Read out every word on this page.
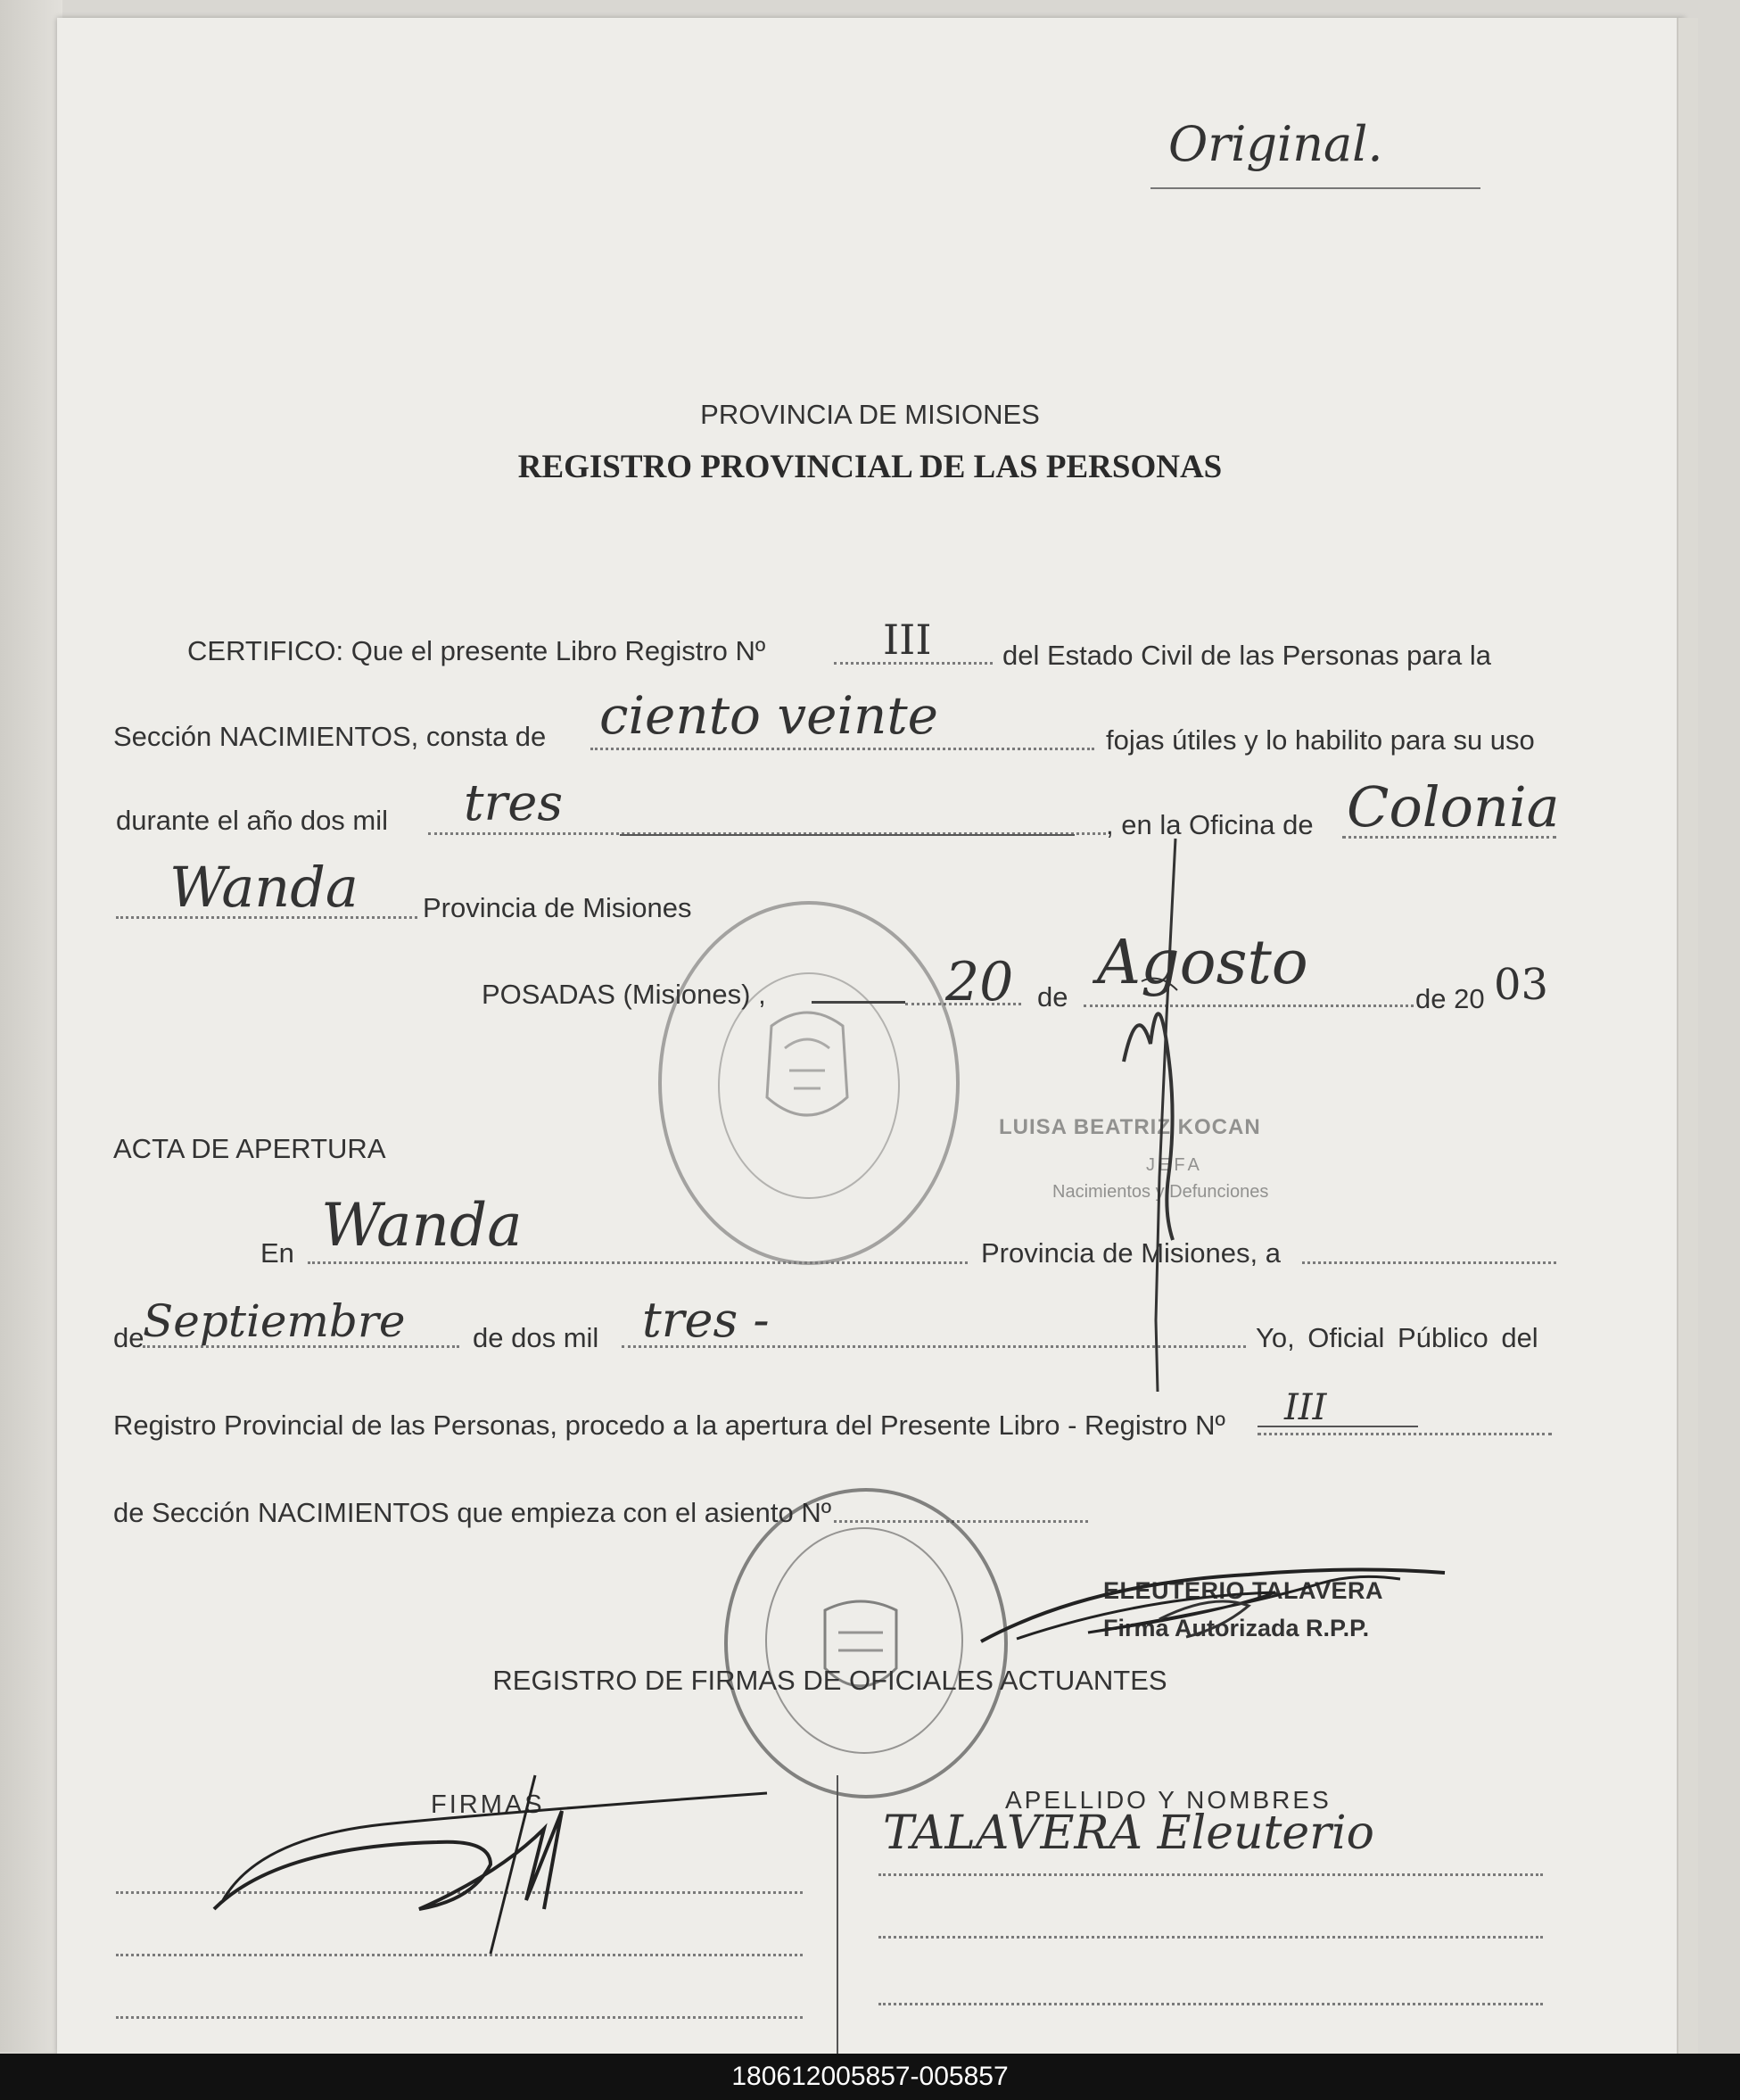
Original.
PROVINCIA DE MISIONES
REGISTRO PROVINCIAL DE LAS PERSONAS
CERTIFICO: Que el presente Libro Registro Nº	III	del Estado Civil de las Personas para la
Sección NACIMIENTOS, consta de ciento veinte	fojas útiles y lo habilito para su uso
durante el año dos mil tres	, en la Oficina de Colonia
Wanda Provincia de Misiones
POSADAS (Misiones) ,	20 de Agosto
de 20 03
LUISA BEATRIZ KOCAN
JEFA
Nacimientos y Defunciones
ACTA DE APERTURA
En Wanda	Provincia de Misiones, a
de
Septiembre de dos mil tres -	Yo, Oficial Público del
Registro Provincial de las Personas, procedo a la apertura del Presente Libro - Registro Nº III
de Sección NACIMIENTOS que empieza con el asiento Nº
ELEUTERIO TALAVERA
Firma Autorizada R.P.P.
REGISTRO DE FIRMAS DE OFICIALES ACTUANTES
FIRMAS	APELLIDO Y NOMBRES
TALAVERA Eleuterio
180612005857-005857
